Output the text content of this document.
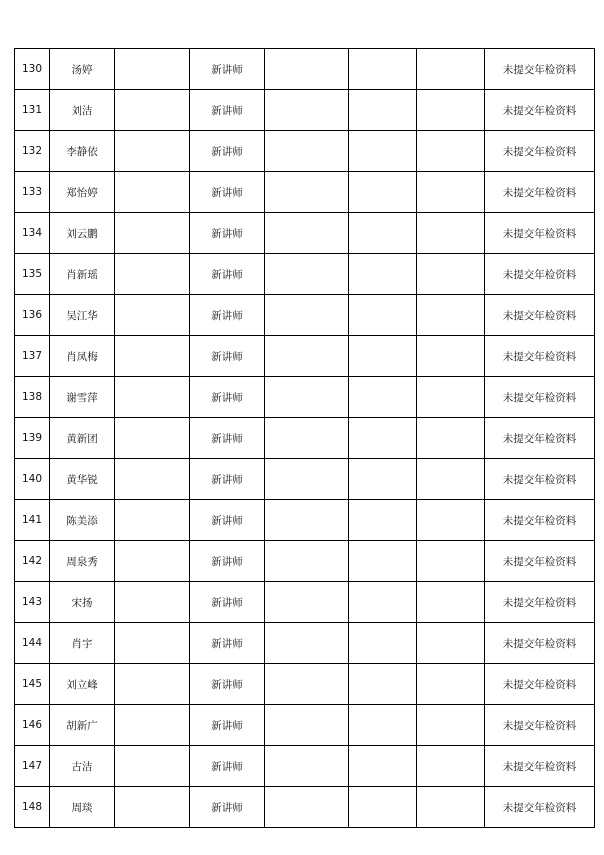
130	汤婷		新讲师				未提交年检资料
131	刘洁		新讲师				未提交年检资料
132	李静依		新讲师				未提交年检资料
133	郑怡婷		新讲师				未提交年检资料
134	刘云鹏		新讲师				未提交年检资料
135	肖新瑶		新讲师				未提交年检资料
136	吴江华		新讲师				未提交年检资料
137	肖凤梅		新讲师				未提交年检资料
138	谢雪萍		新讲师				未提交年检资料
139	黄新团		新讲师				未提交年检资料
140	黄华锐		新讲师				未提交年检资料
141	陈美添		新讲师				未提交年检资料
142	周泉秀		新讲师				未提交年检资料
143	宋扬		新讲师				未提交年检资料
144	肖宇		新讲师				未提交年检资料
145	刘立峰		新讲师				未提交年检资料
146	胡新广		新讲师				未提交年检资料
147	古洁		新讲师				未提交年检资料
148	周琰		新讲师				未提交年检资料
